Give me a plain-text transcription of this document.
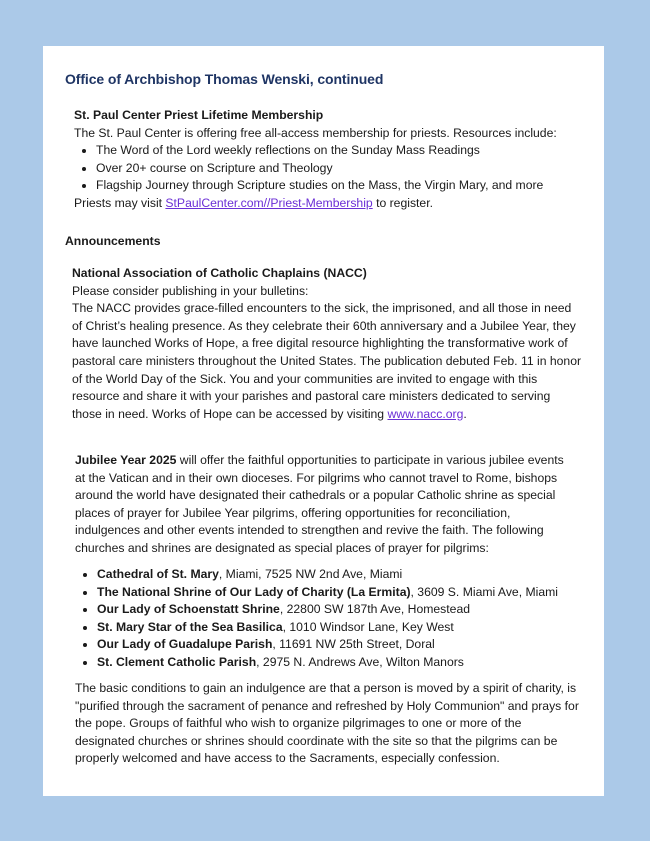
Office of Archbishop Thomas Wenski, continued

St. Paul Center Priest Lifetime Membership

The St. Paul Center is offering free all-access membership for priests. Resources include:

The Word of the Lord weekly reflections on the Sunday Mass Readings
Over 20+ course on Scripture and Theology
Flagship Journey through Scripture studies on the Mass, the Virgin Mary, and more

Priests may visit StPaulCenter.com//Priest-Membership to register.

Announcements

National Association of Catholic Chaplains (NACC)

Please consider publishing in your bulletins:

The NACC provides grace-filled encounters to the sick, the imprisoned, and all those in need of Christ’s healing presence. As they celebrate their 60th anniversary and a Jubilee Year, they have launched Works of Hope, a free digital resource highlighting the transformative work of pastoral care ministers throughout the United States. The publication debuted Feb. 11 in honor of the World Day of the Sick. You and your communities are invited to engage with this resource and share it with your parishes and pastoral care ministers dedicated to serving those in need. Works of Hope can be accessed by visiting www.nacc.org.

Jubilee Year 2025 will offer the faithful opportunities to participate in various jubilee events at the Vatican and in their own dioceses. For pilgrims who cannot travel to Rome, bishops around the world have designated their cathedrals or a popular Catholic shrine as special places of prayer for Jubilee Year pilgrims, offering opportunities for reconciliation, indulgences and other events intended to strengthen and revive the faith. The following churches and shrines are designated as special places of prayer for pilgrims:

Cathedral of St. Mary, Miami, 7525 NW 2nd Ave, Miami
The National Shrine of Our Lady of Charity (La Ermita), 3609 S. Miami Ave, Miami
Our Lady of Schoenstatt Shrine, 22800 SW 187th Ave, Homestead
St. Mary Star of the Sea Basilica, 1010 Windsor Lane, Key West
Our Lady of Guadalupe Parish, 11691 NW 25th Street, Doral
St. Clement Catholic Parish, 2975 N. Andrews Ave, Wilton Manors

The basic conditions to gain an indulgence are that a person is moved by a spirit of charity, is "purified through the sacrament of penance and refreshed by Holy Communion" and prays for the pope. Groups of faithful who wish to organize pilgrimages to one or more of the designated churches or shrines should coordinate with the site so that the pilgrims can be properly welcomed and have access to the Sacraments, especially confession.
